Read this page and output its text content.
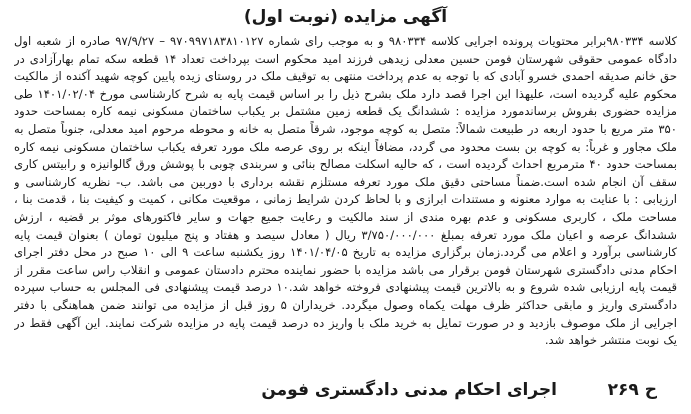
آگهی مزایده (نوبت اول)

کلاسه ۹۸۰۳۳۴برابر محتویات پرونده اجرایی کلاسه ۹۸۰۳۳۴ و به موجب رای شماره ۹۷۰۹۹۷۱۸۳۸۱۰۱۲۷ – ۹۷/۹/۲۷ صادره از شعبه اول دادگاه عمومی حقوقی شهرستان فومن حسین معدلی زیدهی فرزند امید محکوم است بپرداخت تعداد ۱۴ قطعه سکه تمام بهارآزادی در حق خانم صدیقه احمدی خسرو آبادی که با توجه به عدم پرداخت منتهی به توقیف ملک در روستای زیده پایین کوچه شهید آکنده از مالکیت محکوم علیه گردیده است، علیهذا این اجرا قصد دارد ملک بشرح ذیل را بر اساس قیمت پایه به شرح کارشناسی مورخ ۱۴۰۱/۰۲/۰۴ طی مزایده حضوری بفروش برساندمورد مزایده : ششدانگ یک قطعه زمین مشتمل بر یکباب ساختمان مسکونی نیمه کاره بمساحت حدود ۳۵۰ متر مربع با حدود اربعه در طبیعت شمالاً: متصل به کوچه موجود، شرقاً متصل به خانه و محوطه مرحوم امید معدلی، جنوباً متصل به ملک مجاور و غرباً: به کوچه بن بست محدود می گردد، مضافاً اینکه بر روی عرصه ملک مورد تعرفه یکباب ساختمان مسکونی نیمه کاره بمساحت حدود ۴۰ مترمربع احداث گردیده است ، که حالیه اسکلت مصالح بنائی و سربندی چوبی با پوشش ورق گالوانیزه و رابیتس کاری سقف آن انجام شده است.ضمناً مساحتی دقیق ملک مورد تعرفه مستلزم نقشه برداری با دوربین می باشد. ب- نظریه کارشناسی و ارزیابی : با عنایت به موارد معنونه و مستندات ابرازی و با لحاظ کردن شرایط زمانی ، موقعیت مکانی ، کمیت و کیفیت بنا ، قدمت بنا ، مساحت ملک ، کاربری مسکونی و عدم بهره مندی از سند مالکیت و رعایت جمیع جهات و سایر فاکتورهای موثر بر قضیه ، ارزش ششدانگ عرصه و اعیان ملک مورد تعرفه بمبلغ ۳/۷۵۰/۰۰۰/۰۰۰ ریال ( معادل سیصد و هفتاد و پنج میلیون تومان ) بعنوان قیمت پایه کارشناسی برآورد و اعلام می گردد.زمان برگزاری مزایده به تاریخ ۱۴۰۱/۰۴/۰۵ روز یکشنبه ساعت ۹ الی ۱۰ صبح در محل دفتر اجرای احکام مدنی دادگستری شهرستان فومن برقرار می باشد مزایده با حضور نماینده محترم دادستان عمومی و انقلاب راس ساعت مقرر از قیمت پایه ارزیابی شده شروع و به بالاترین قیمت پیشنهادی فروخته خواهد شد.۱۰ درصد قیمت پیشنهادی فی المجلس به حساب سپرده دادگستری واریز و مابقی حداکثر ظرف مهلت یکماه وصول میگردد. خریداران ۵ روز قبل از مزایده می توانند ضمن هماهنگی با دفتر اجرایی از ملک موصوف بازدید و در صورت تمایل به خرید ملک با واریز ده درصد قیمت پایه در مزایده شرکت نمایند. این آگهی فقط در یک نوبت منتشر خواهد شد.

ح۲۶۹
اجرای احکام مدنی دادگستری فومن
